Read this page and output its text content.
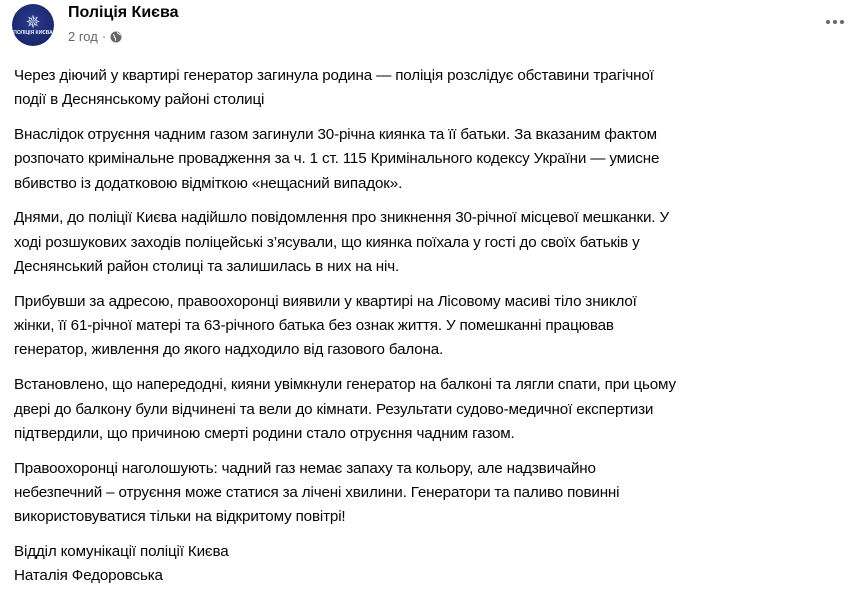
✵
ПОЛІЦІЯ КИЄВА
Поліція Києва
2 год ·
Через діючий у квартирі генератор загинула родина — поліція розслідує обставини трагічної
події в Деснянському районі столиці
Внаслідок отруєння чадним газом загинули 30-річна киянка та її батьки. За вказаним фактом
розпочато кримінальне провадження за ч. 1 ст. 115 Кримінального кодексу України — умисне
вбивство із додатковою відміткою «нещасний випадок».
Днями, до поліції Києва надійшло повідомлення про зникнення 30-річної місцевої мешканки. У
ході розшукових заходів поліцейські з’ясували, що киянка поїхала у гості до своїх батьків у
Деснянський район столиці та залишилась в них на ніч.
Прибувши за адресою, правоохоронці виявили у квартирі на Лісовому масиві тіло зниклої
жінки, її 61-річної матері та 63-річного батька без ознак життя. У помешканні працював
генератор, живлення до якого надходило від газового балона.
Встановлено, що напередодні, кияни увімкнули генератор на балконі та лягли спати, при цьому
двері до балкону були відчинені та вели до кімнати. Результати судово-медичної експертизи
підтвердили, що причиною смерті родини стало отруєння чадним газом.
Правоохоронці наголошують: чадний газ немає запаху та кольору, але надзвичайно
небезпечний – отруєння може статися за лічені хвилини. Генератори та паливо повинні
використовуватися тільки на відкритому повітрі!
Відділ комунікації поліції Києва
Наталія Федоровська
